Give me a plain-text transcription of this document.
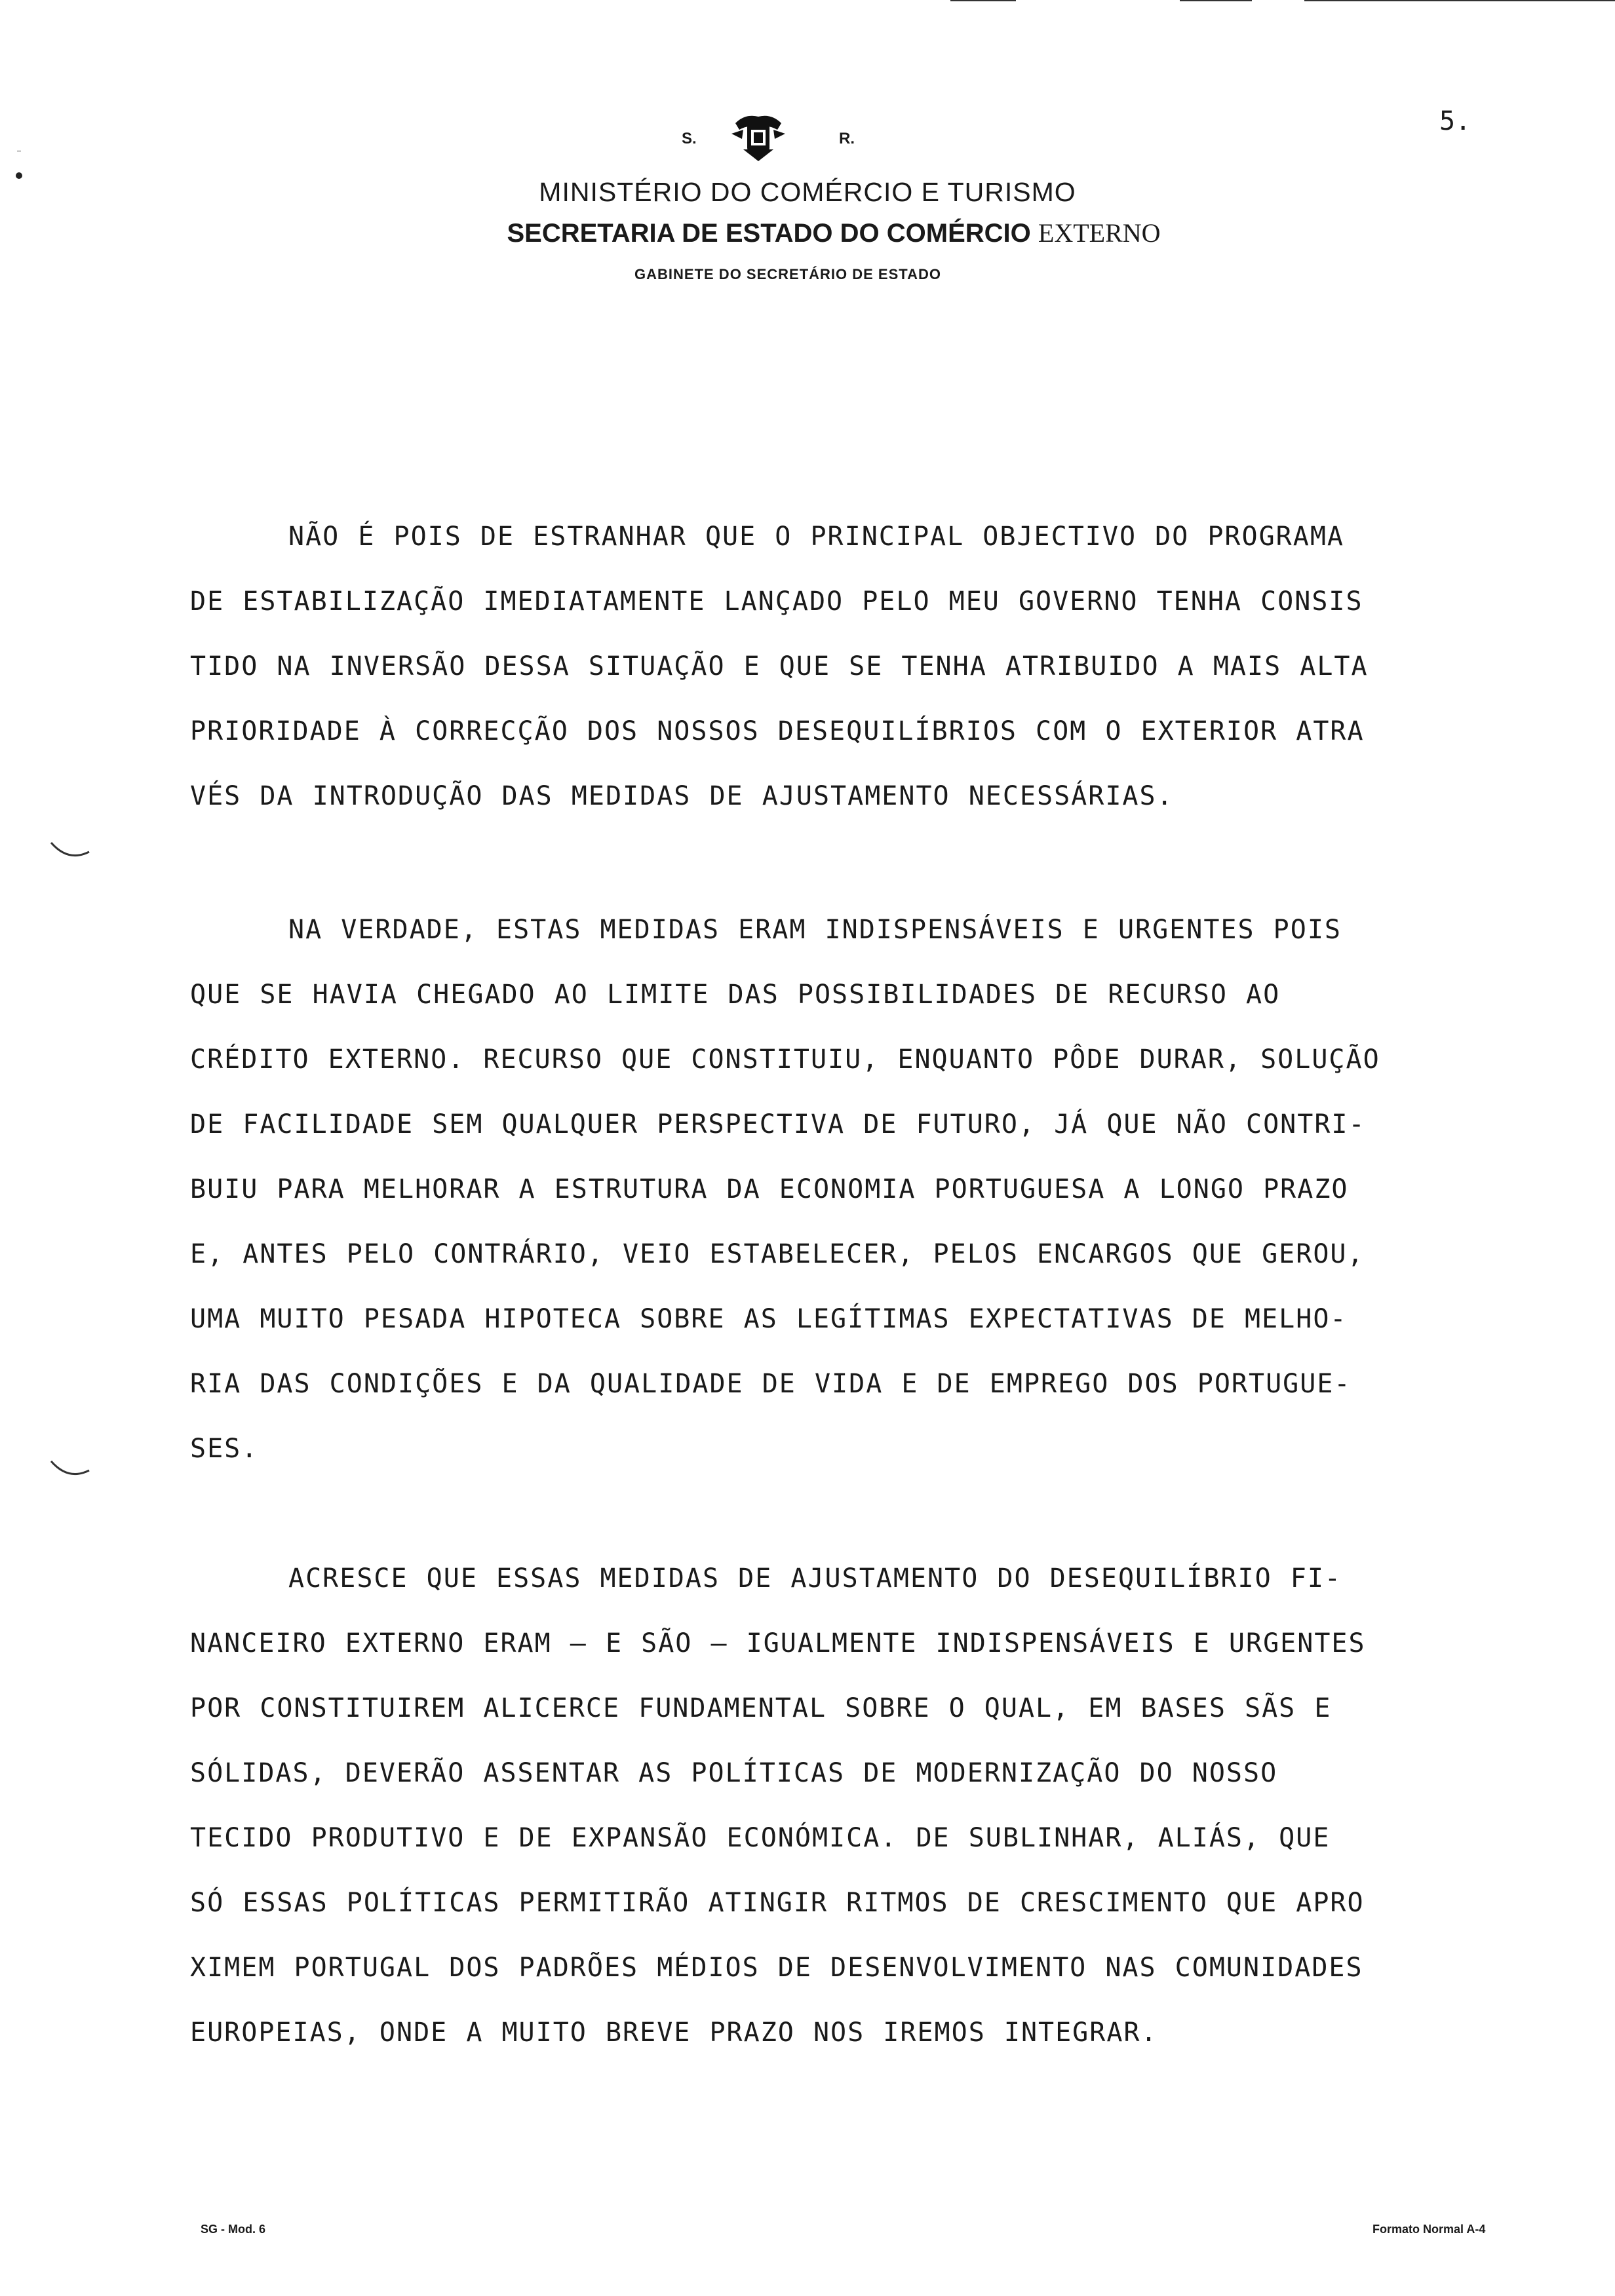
S.	R.
MINISTÉRIO DO COMÉRCIO E TURISMO
SECRETARIA DE ESTADO DO COMÉRCIO EXTERNO
GABINETE DO SECRETÁRIO DE ESTADO
5.

NÃO É POIS DE ESTRANHAR QUE O PRINCIPAL OBJECTIVO DO PROGRAMA
DE ESTABILIZAÇÃO IMEDIATAMENTE LANÇADO PELO MEU GOVERNO TENHA CONSIS
TIDO NA INVERSÃO DESSA SITUAÇÃO E QUE SE TENHA ATRIBUIDO A MAIS ALTA
PRIORIDADE À CORRECÇÃO DOS NOSSOS DESEQUILÍBRIOS COM O EXTERIOR ATRA
VÉS DA INTRODUÇÃO DAS MEDIDAS DE AJUSTAMENTO NECESSÁRIAS.

NA VERDADE, ESTAS MEDIDAS ERAM INDISPENSÁVEIS E URGENTES POIS
QUE SE HAVIA CHEGADO AO LIMITE DAS POSSIBILIDADES DE RECURSO AO
CRÉDITO EXTERNO. RECURSO QUE CONSTITUIU, ENQUANTO PÔDE DURAR, SOLUÇÃO
DE FACILIDADE SEM QUALQUER PERSPECTIVA DE FUTURO, JÁ QUE NÃO CONTRI-
BUIU PARA MELHORAR A ESTRUTURA DA ECONOMIA PORTUGUESA A LONGO PRAZO
E, ANTES PELO CONTRÁRIO, VEIO ESTABELECER, PELOS ENCARGOS QUE GEROU,
UMA MUITO PESADA HIPOTECA SOBRE AS LEGÍTIMAS EXPECTATIVAS DE MELHO-
RIA DAS CONDIÇÕES E DA QUALIDADE DE VIDA E DE EMPREGO DOS PORTUGUE-
SES.

ACRESCE QUE ESSAS MEDIDAS DE AJUSTAMENTO DO DESEQUILÍBRIO FI-
NANCEIRO EXTERNO ERAM — E SÃO — IGUALMENTE INDISPENSÁVEIS E URGENTES
POR CONSTITUIREM ALICERCE FUNDAMENTAL SOBRE O QUAL, EM BASES SÃS E
SÓLIDAS, DEVERÃO ASSENTAR AS POLÍTICAS DE MODERNIZAÇÃO DO NOSSO
TECIDO PRODUTIVO E DE EXPANSÃO ECONÓMICA. DE SUBLINHAR, ALIÁS, QUE
SÓ ESSAS POLÍTICAS PERMITIRÃO ATINGIR RITMOS DE CRESCIMENTO QUE APRO
XIMEM PORTUGAL DOS PADRÕES MÉDIOS DE DESENVOLVIMENTO NAS COMUNIDADES
EUROPEIAS, ONDE A MUITO BREVE PRAZO NOS IREMOS INTEGRAR.

SG - Mod. 6	Formato Normal A-4
